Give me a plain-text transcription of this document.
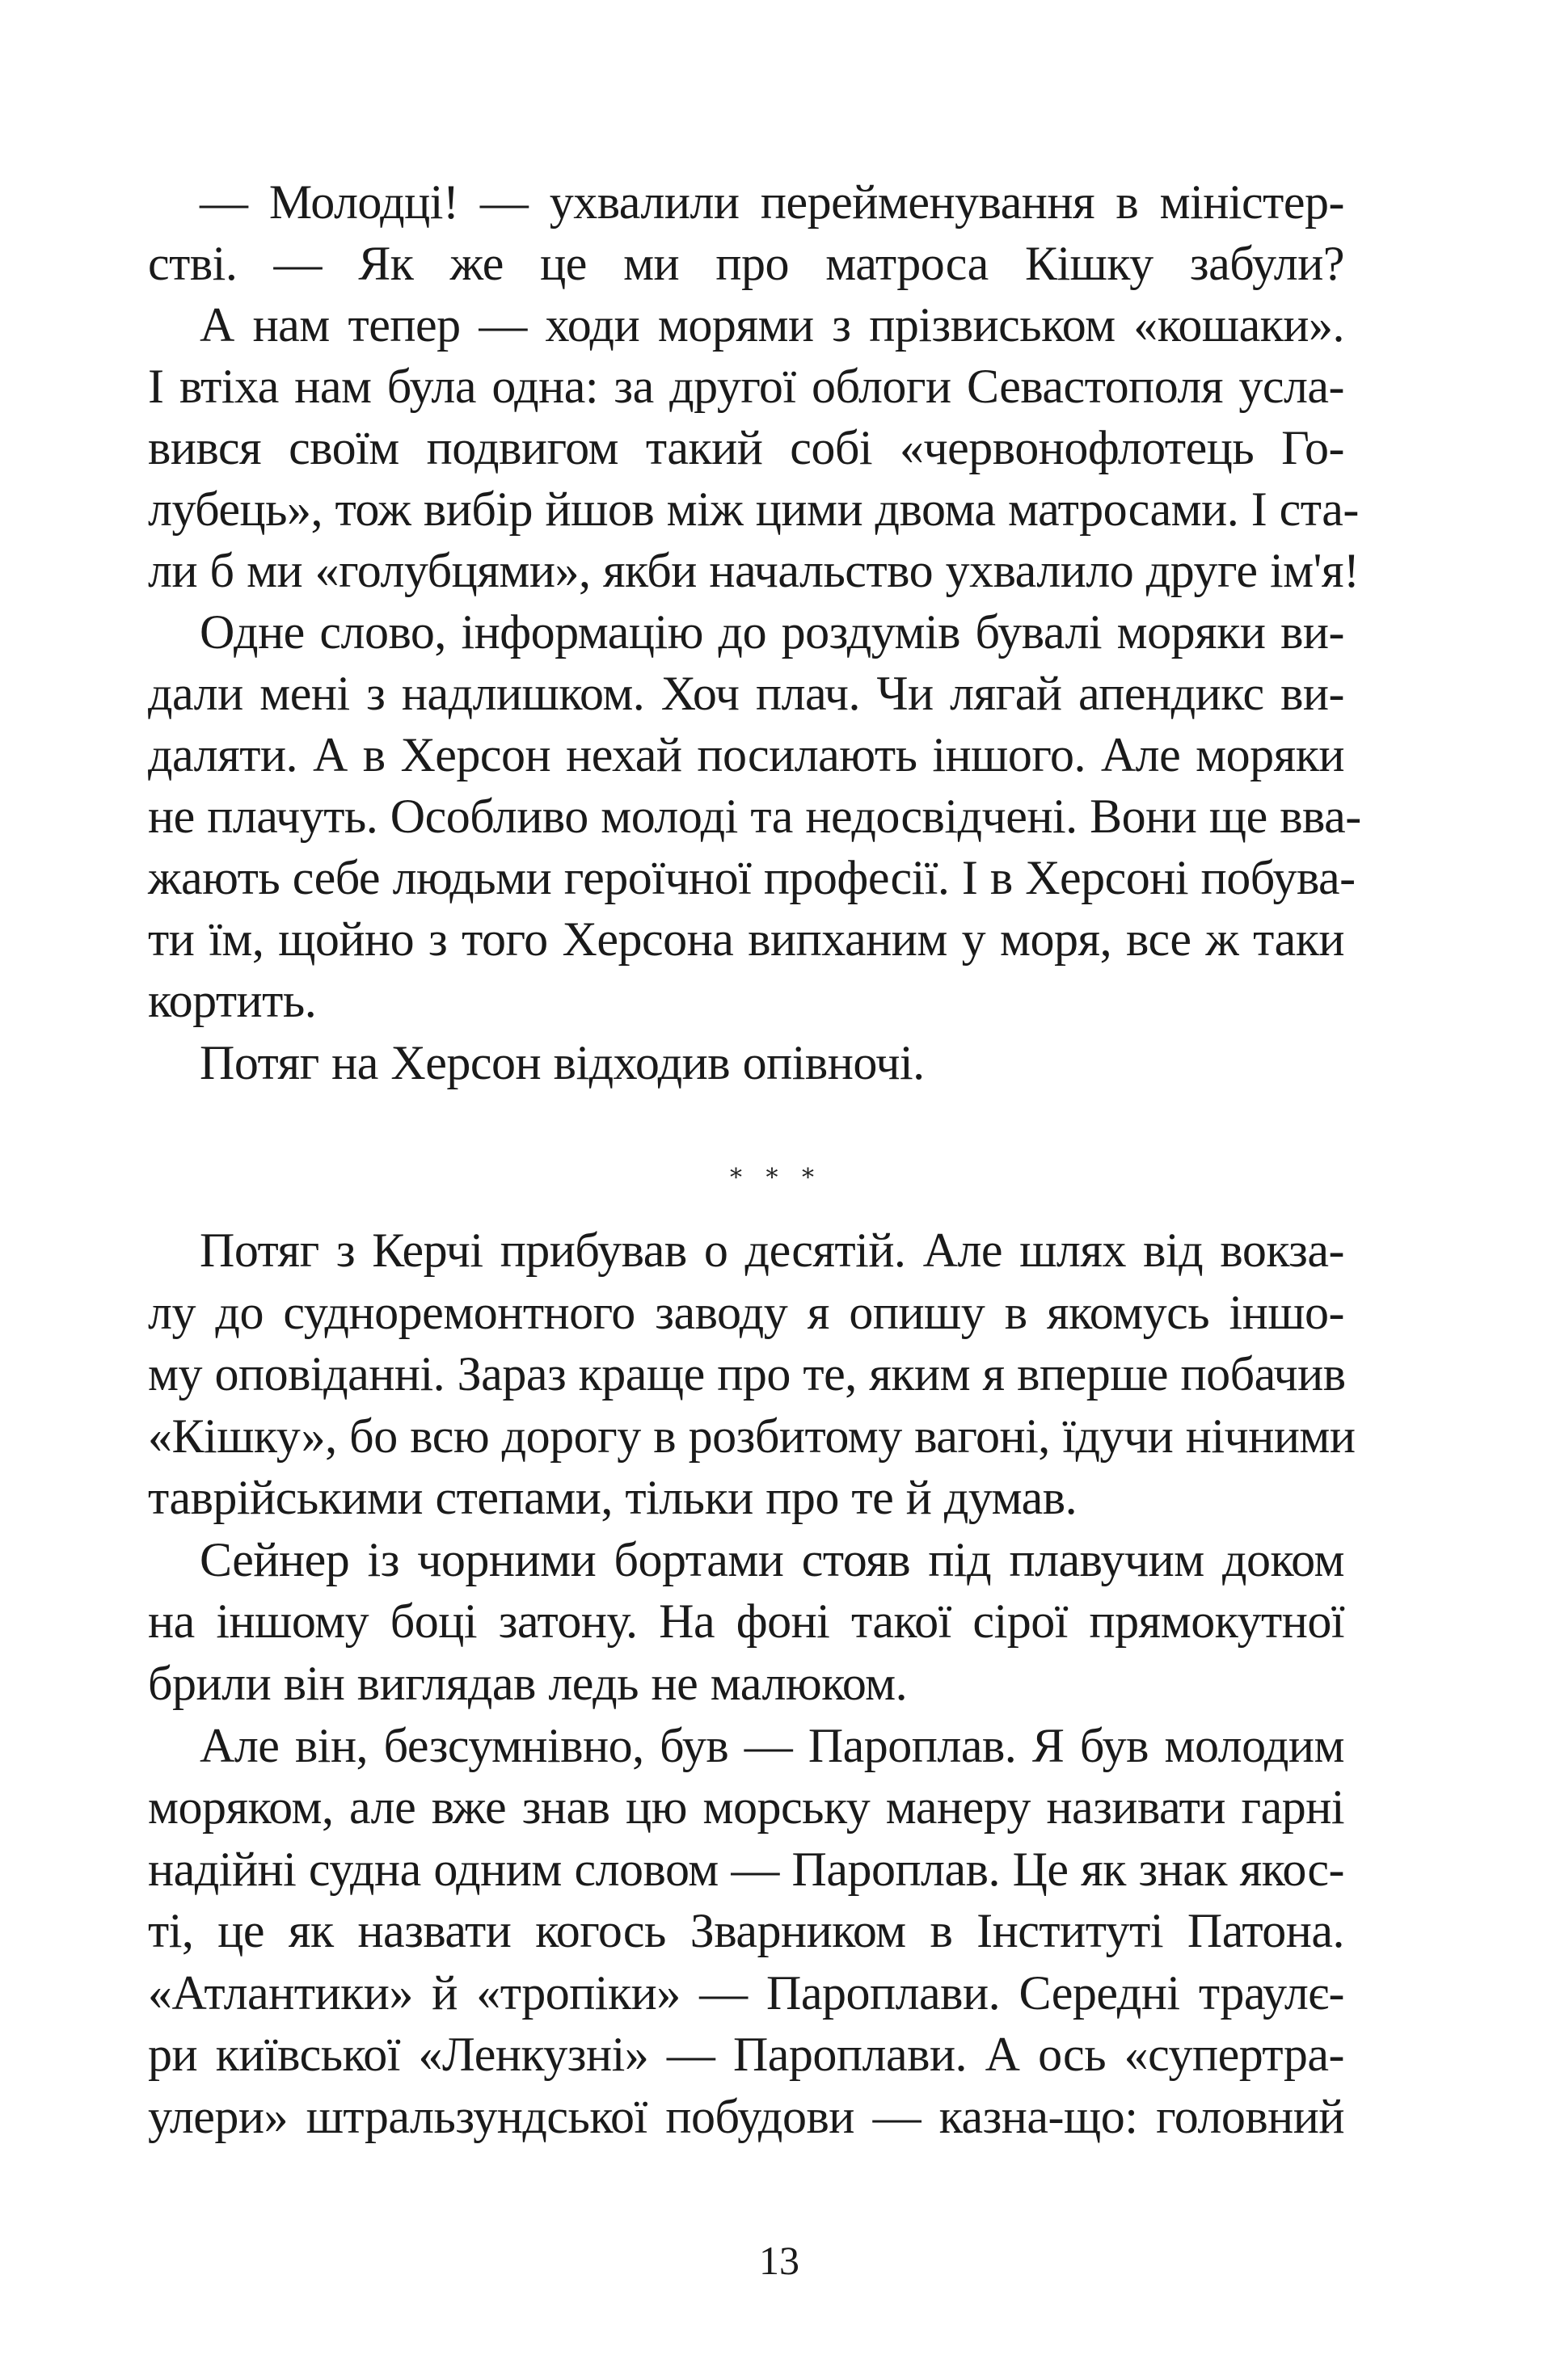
— Молодці! — ухвалили перейменування в міністер-
стві. — Як же це ми про матроса Кішку забули?
А нам тепер — ходи морями з прізвиськом «кошаки».
І втіха нам була одна: за другої облоги Севастополя усла-
вився своїм подвигом такий собі «червонофлотець Го-
лубець», тож вибір йшов між цими двома матросами. І ста-
ли б ми «голубцями», якби начальство ухвалило друге ім'я!
Одне слово, інформацію до роздумів бувалі моряки ви-
дали мені з надлишком. Хоч плач. Чи лягай апендикс ви-
даляти. А в Херсон нехай посилають іншого. Але моряки
не плачуть. Особливо молоді та недосвідчені. Вони ще вва-
жають себе людьми героїчної професії. І в Херсоні побува-
ти їм, щойно з того Херсона випханим у моря, все ж таки
кортить.
Потяг на Херсон відходив опівночі.
* * *
Потяг з Керчі прибував о десятій. Але шлях від вокза-
лу до судноремонтного заводу я опишу в якомусь іншо-
му оповіданні. Зараз краще про те, яким я вперше побачив
«Кішку», бо всю дорогу в розбитому вагоні, їдучи нічними
таврійськими степами, тільки про те й думав.
Сейнер із чорними бортами стояв під плавучим доком
на іншому боці затону. На фоні такої сірої прямокутної
брили він виглядав ледь не малюком.
Але він, безсумнівно, був — Пароплав. Я був молодим
моряком, але вже знав цю морську манеру називати гарні
надійні судна одним словом — Пароплав. Це як знак якос-
ті, це як назвати когось Зварником в Інституті Патона.
«Атлантики» й «тропіки» — Пароплави. Середні траулє-
ри київської «Ленкузні» — Пароплави. А ось «супертра-
улери» штральзундської побудови — казна-що: головний
13
